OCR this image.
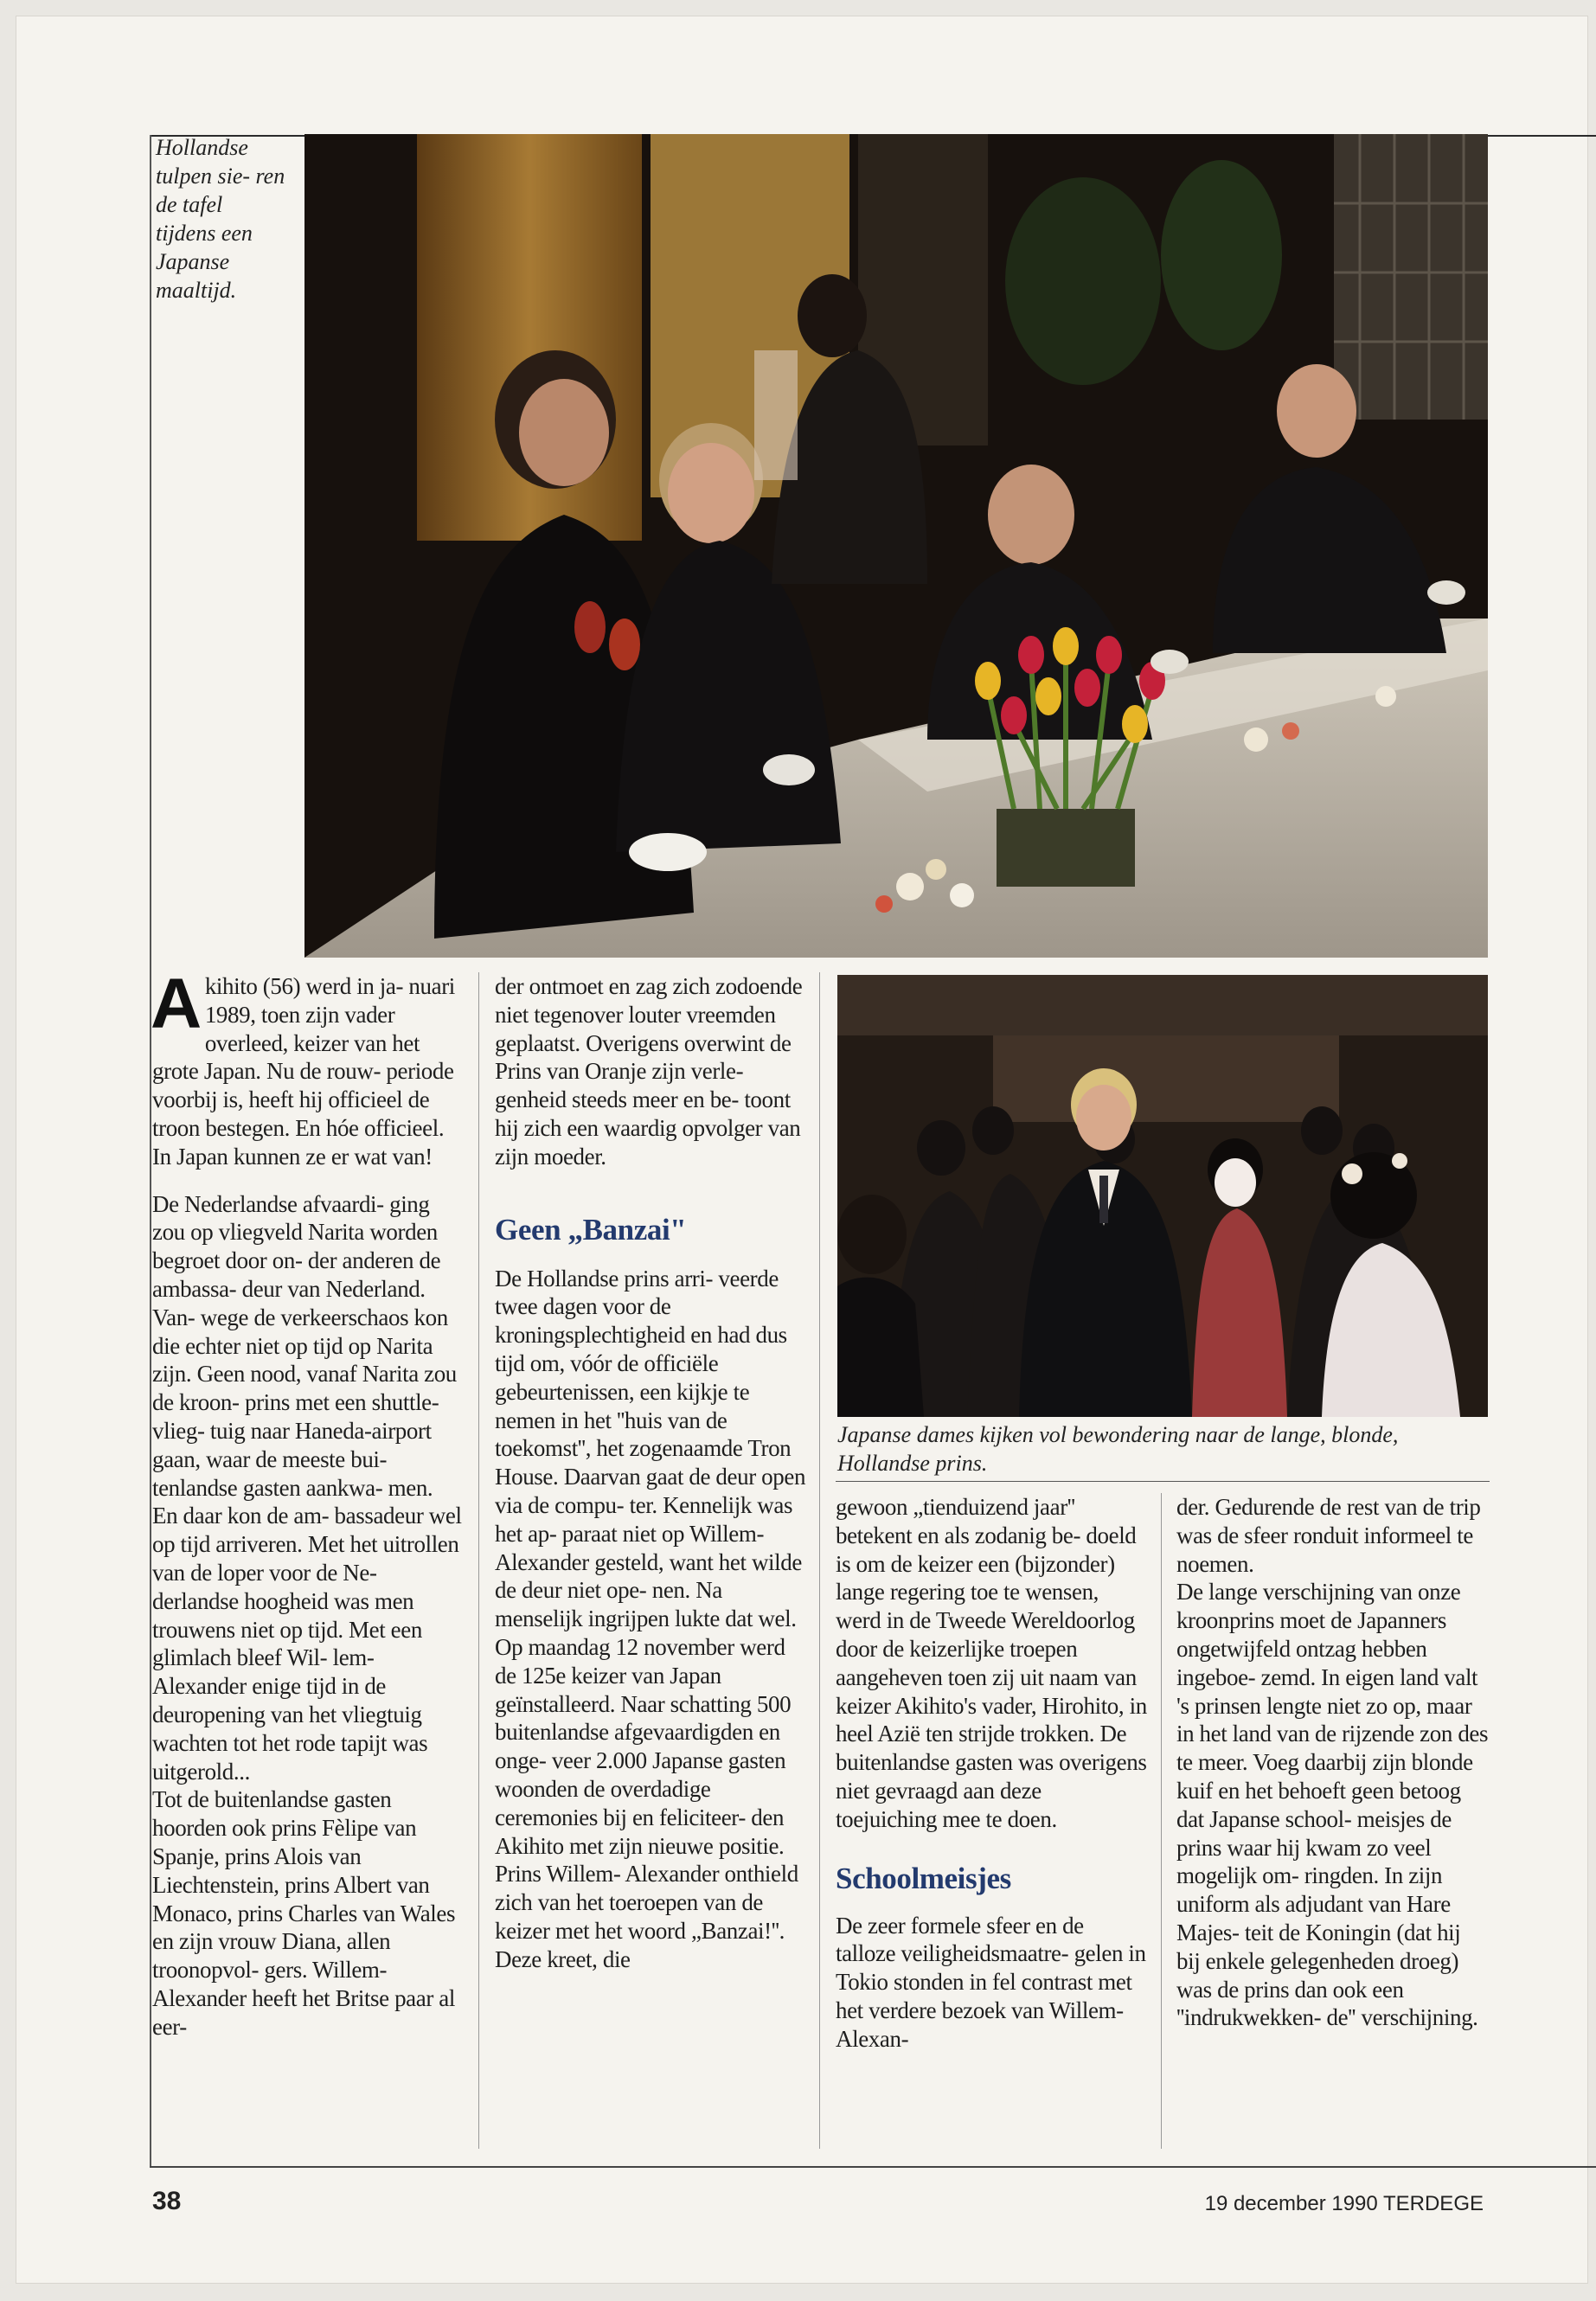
Hollandse tulpen sie- ren de tafel tijdens een Japanse maaltijd.
Japanse dames kijken vol bewondering naar de lange, blonde, Hollandse prins.

Akihito (56) werd in ja- nuari 1989, toen zijn vader overleed, keizer van het grote Japan. Nu de rouw- periode voorbij is, heeft hij officieel de troon bestegen. En hóe officieel. In Japan kunnen ze er wat van!

De Nederlandse afvaardi- ging zou op vliegveld Narita worden begroet door on- der anderen de ambassa- deur van Nederland. Van- wege de verkeerschaos kon die echter niet op tijd op Narita zijn. Geen nood, vanaf Narita zou de kroon- prins met een shuttle-vlieg- tuig naar Haneda-airport gaan, waar de meeste bui- tenlandse gasten aankwa- men. En daar kon de am- bassadeur wel op tijd arriveren. Met het uitrollen van de loper voor de Ne- derlandse hoogheid was men trouwens niet op tijd. Met een glimlach bleef Wil- lem-Alexander enige tijd in de deuropening van het vliegtuig wachten tot het rode tapijt was uitgerold...

Tot de buitenlandse gasten hoorden ook prins Fèlipe van Spanje, prins Alois van Liechtenstein, prins Albert van Monaco, prins Charles van Wales en zijn vrouw Diana, allen troonopvol- gers. Willem-Alexander heeft het Britse paar al eer-

der ontmoet en zag zich zodoende niet tegenover louter vreemden geplaatst. Overigens overwint de Prins van Oranje zijn verle- genheid steeds meer en be- toont hij zich een waardig opvolger van zijn moeder.

Geen „Banzai"

De Hollandse prins arri- veerde twee dagen voor de kroningsplechtigheid en had dus tijd om, vóór de officiële gebeurtenissen, een kijkje te nemen in het ''huis van de toekomst'', het zogenaamde Tron House. Daarvan gaat de deur open via de compu- ter. Kennelijk was het ap- paraat niet op Willem- Alexander gesteld, want het wilde de deur niet ope- nen. Na menselijk ingrijpen lukte dat wel.

Op maandag 12 november werd de 125e keizer van Japan geïnstalleerd. Naar schatting 500 buitenlandse afgevaardigden en onge- veer 2.000 Japanse gasten woonden de overdadige ceremonies bij en feliciteer- den Akihito met zijn nieuwe positie. Prins Willem- Alexander onthield zich van het toeroepen van de keizer met het woord „Banzai!''. Deze kreet, die

gewoon „tienduizend jaar'' betekent en als zodanig be- doeld is om de keizer een (bijzonder) lange regering toe te wensen, werd in de Tweede Wereldoorlog door de keizerlijke troepen aangeheven toen zij uit naam van keizer Akihito's vader, Hirohito, in heel Azië ten strijde trokken. De buitenlandse gasten was overigens niet gevraagd aan deze toejuiching mee te doen.

Schoolmeisjes

De zeer formele sfeer en de talloze veiligheidsmaatre- gelen in Tokio stonden in fel contrast met het verdere bezoek van Willem-Alexan-

der. Gedurende de rest van de trip was de sfeer ronduit informeel te noemen.

De lange verschijning van onze kroonprins moet de Japanners ongetwijfeld ontzag hebben ingeboe- zemd. In eigen land valt 's prinsen lengte niet zo op, maar in het land van de rijzende zon des te meer. Voeg daarbij zijn blonde kuif en het behoeft geen betoog dat Japanse school- meisjes de prins waar hij kwam zo veel mogelijk om- ringden. In zijn uniform als adjudant van Hare Majes- teit de Koningin (dat hij bij enkele gelegenheden droeg) was de prins dan ook een ''indrukwekken- de'' verschijning.

38	19 december 1990 TERDEGE
